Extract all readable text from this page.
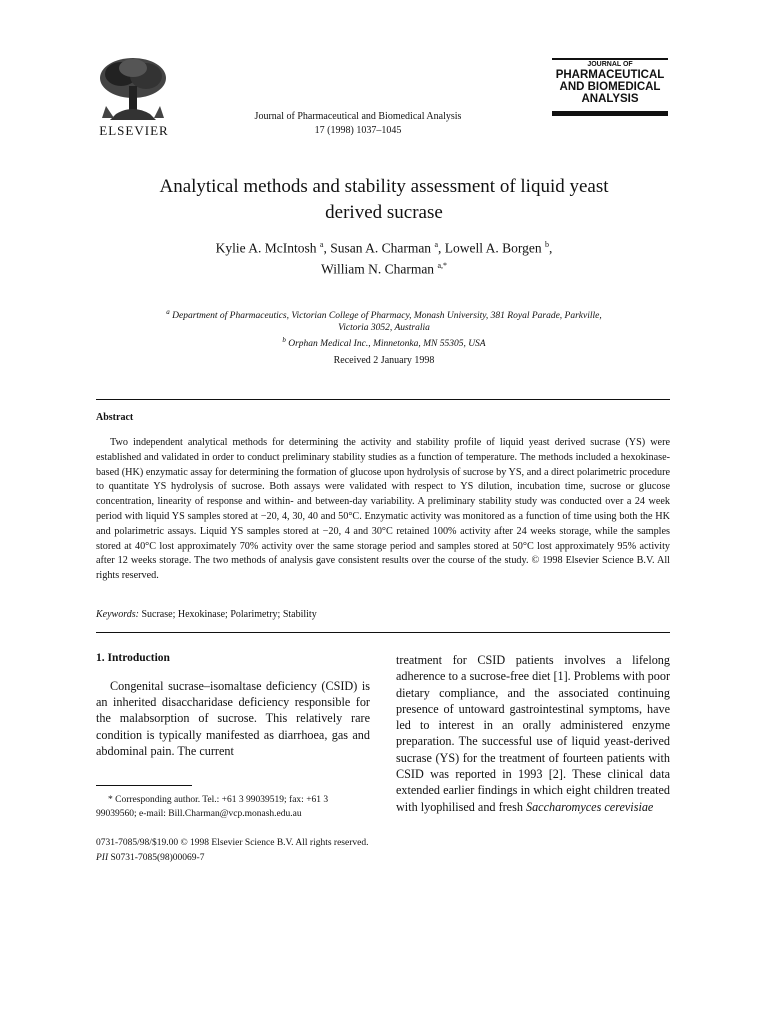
ELSEVIER
Journal of Pharmaceutical and Biomedical Analysis
17 (1998) 1037–1045
JOURNAL OF
PHARMACEUTICAL
AND BIOMEDICAL
ANALYSIS
Analytical methods and stability assessment of liquid yeast
derived sucrase
Kylie A. McIntosh $^a$, Susan A. Charman $^a$, Lowell A. Borgen $^b$,
William N. Charman $^{a,*}$
$^a$ Department of Pharmaceutics, Victorian College of Pharmacy, Monash University, 381 Royal Parade, Parkville,
Victoria 3052, Australia
$^b$ Orphan Medical Inc., Minnetonka, MN 55305, USA
Received 2 January 1998
Abstract

Two independent analytical methods for determining the activity and stability profile of liquid yeast derived sucrase (YS) were established and validated in order to conduct preliminary stability studies as a function of temperature. The methods included a hexokinase-based (HK) enzymatic assay for determining the formation of glucose upon hydrolysis of sucrose by YS, and a direct polarimetric procedure to quantitate YS hydrolysis of sucrose. Both assays were validated with respect to YS dilution, incubation time, sucrose or glucose concentration, linearity of response and within- and between-day variability. A preliminary stability study was conducted over a 24 week period with liquid YS samples stored at −20, 4, 30, 40 and 50°C. Enzymatic activity was monitored as a function of time using both the HK and polarimetric assays. Liquid YS samples stored at −20, 4 and 30°C retained 100% activity after 24 weeks storage, while the samples stored at 40°C lost approximately 70% activity over the same storage period and samples stored at 50°C lost approximately 95% activity after 12 weeks storage. The two methods of analysis gave consistent results over the course of the study. © 1998 Elsevier Science B.V. All rights reserved.

Keywords: Sucrase; Hexokinase; Polarimetry; Stability
1. Introduction

Congenital sucrase–isomaltase deficiency (CSID) is an inherited disaccharidase deficiency responsible for the malabsorption of sucrose. This relatively rare condition is typically manifested as diarrhoea, gas and abdominal pain. The current

treatment for CSID patients involves a lifelong adherence to a sucrose-free diet [1]. Problems with poor dietary compliance, and the associated continuing presence of untoward gastrointestinal symptoms, have led to interest in an orally administered enzyme preparation. The successful use of liquid yeast-derived sucrase (YS) for the treatment of fourteen patients with CSID was reported in 1993 [2]. These clinical data extended earlier findings in which eight children treated with lyophilised and fresh Saccharomyces cerevisiae

* Corresponding author. Tel.: +61 3 99039519; fax: +61 3
99039560; e-mail: Bill.Charman@vcp.monash.edu.au
0731-7085/98/$19.00 © 1998 Elsevier Science B.V. All rights reserved.
PII S0731-7085(98)00069-7
